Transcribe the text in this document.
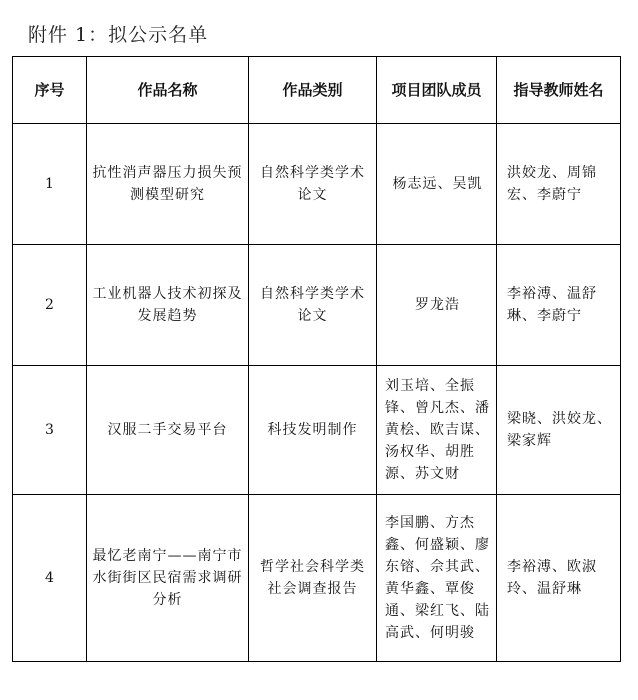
附件 1：拟公示名单
序号	作品名称	作品类别	项目团队成员	指导教师姓名
1	抗性消声器压力损失预测模型研究	自然科学类学术论文	杨志远、吴凯	洪姣龙、周锦宏、李蔚宁
2	工业机器人技术初探及发展趋势	自然科学类学术论文	罗龙浩	李裕溥、温舒琳、李蔚宁
3	汉服二手交易平台	科技发明制作	刘玉培、全振锋、曾凡杰、潘黄桧、欧吉谋、汤权华、胡胜源、苏文财	梁晓、洪姣龙、梁家辉
4	最忆老南宁——南宁市水街街区民宿需求调研分析	哲学社会科学类社会调查报告	李国鹏、方杰鑫、何盛颖、廖东镕、佘其武、黄华鑫、覃俊通、梁红飞、陆高武、何明骏	李裕溥、欧淑玲、温舒琳
